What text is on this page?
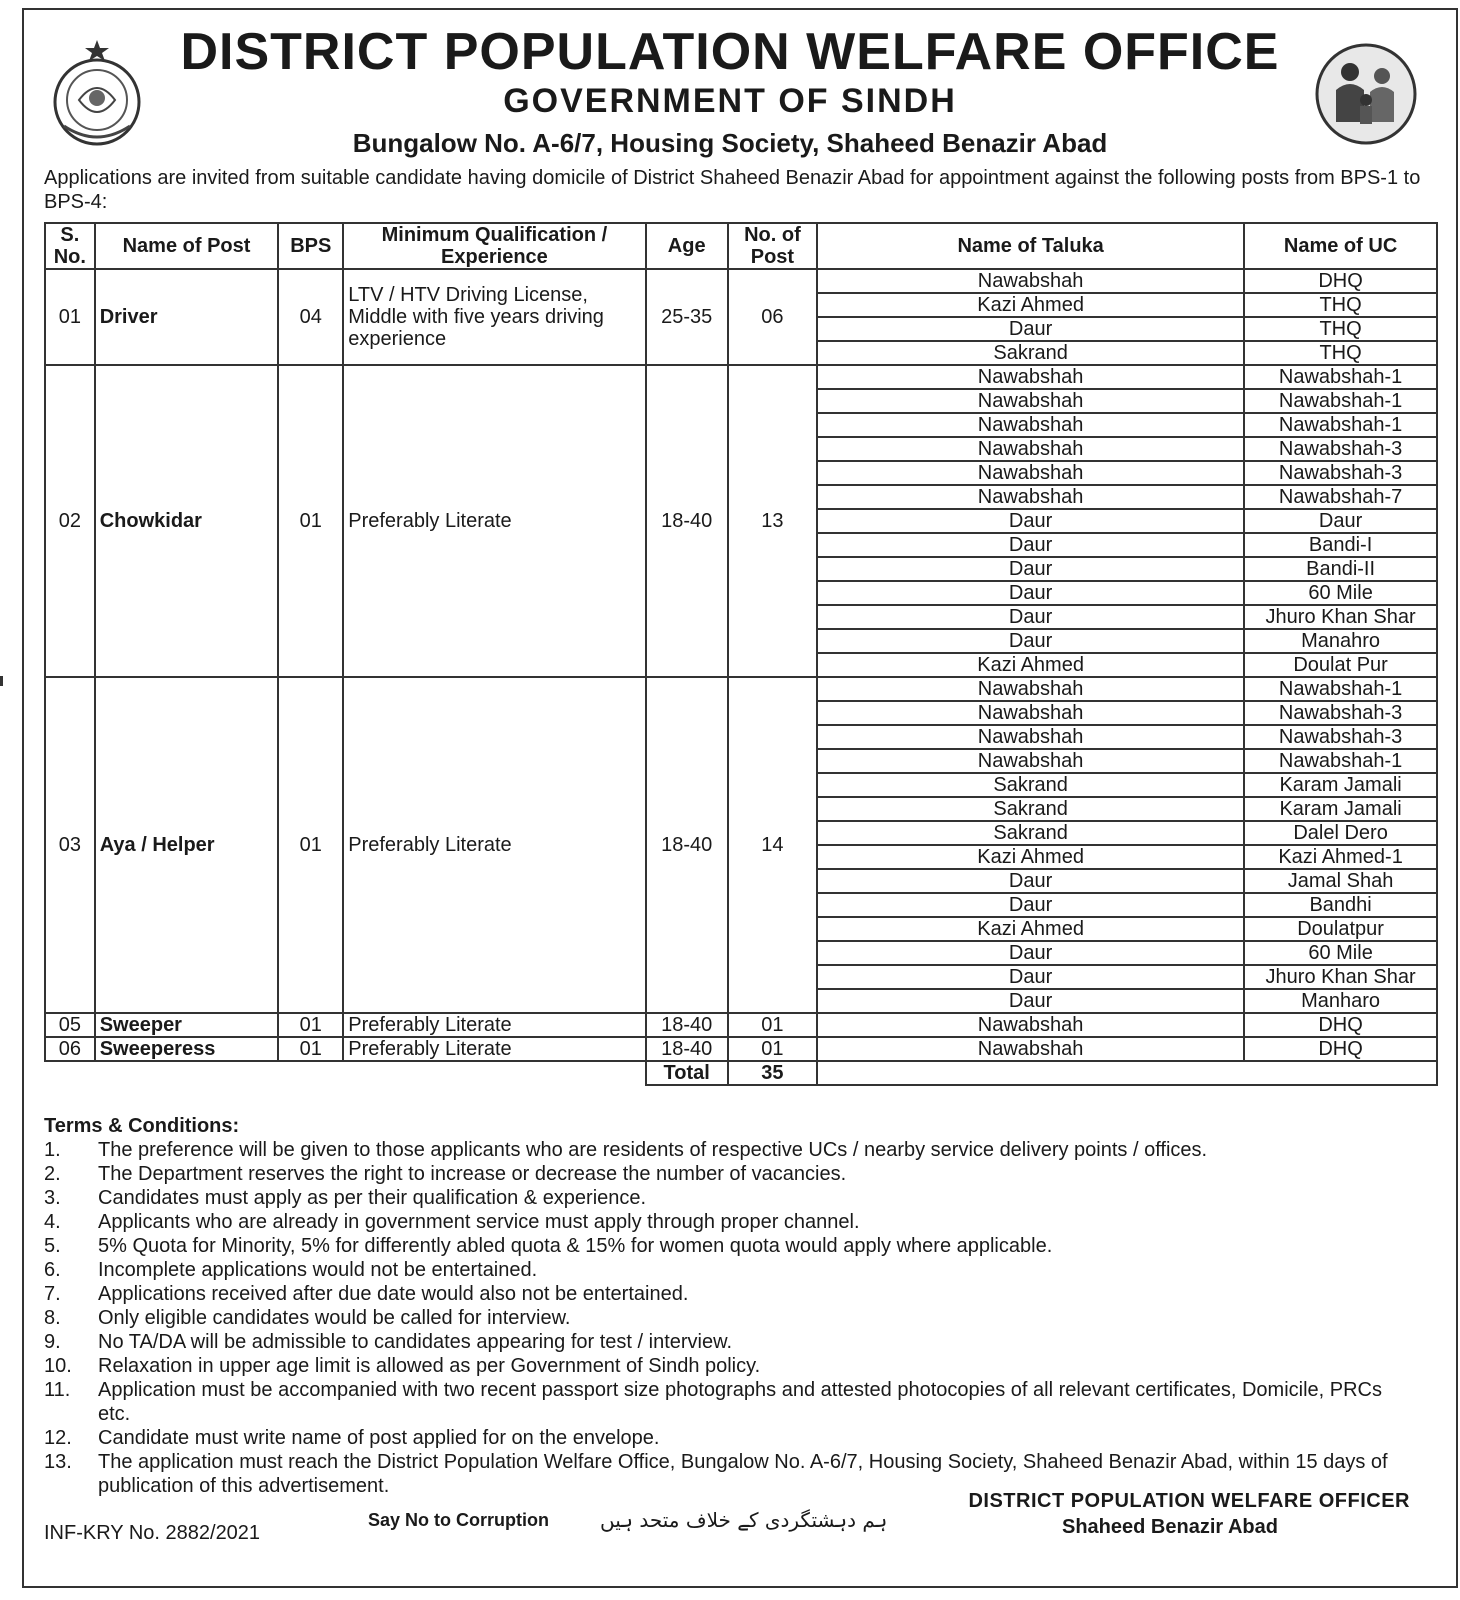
DISTRICT POPULATION WELFARE OFFICE
GOVERNMENT OF SINDH
Bungalow No. A-6/7, Housing Society, Shaheed Benazir Abad
Applications are invited from suitable candidate having domicile of District Shaheed Benazir Abad for appointment against the following posts from BPS-1 to BPS-4:
S.
No.	Name of Post	BPS	Minimum Qualification /
Experience	Age	No. of
Post	Name of Taluka	Name of UC
01	Driver	04	LTV / HTV Driving License,
Middle with five years driving
experience	25-35	06	Nawabshah	DHQ
						Kazi Ahmed	THQ
						Daur	THQ
						Sakrand	THQ
02	Chowkidar	01	Preferably Literate	18-40	13	Nawabshah	Nawabshah-1
						Nawabshah	Nawabshah-1
						Nawabshah	Nawabshah-1
						Nawabshah	Nawabshah-3
						Nawabshah	Nawabshah-3
						Nawabshah	Nawabshah-7
						Daur	Daur
						Daur	Bandi-I
						Daur	Bandi-II
						Daur	60 Mile
						Daur	Jhuro Khan Shar
						Daur	Manahro
						Kazi Ahmed	Doulat Pur
03	Aya / Helper	01	Preferably Literate	18-40	14	Nawabshah	Nawabshah-1
						Nawabshah	Nawabshah-3
						Nawabshah	Nawabshah-3
						Nawabshah	Nawabshah-1
						Sakrand	Karam Jamali
						Sakrand	Karam Jamali
						Sakrand	Dalel Dero
						Kazi Ahmed	Kazi Ahmed-1
						Daur	Jamal Shah
						Daur	Bandhi
						Kazi Ahmed	Doulatpur
						Daur	60 Mile
						Daur	Jhuro Khan Shar
						Daur	Manharo
05	Sweeper	01	Preferably Literate	18-40	01	Nawabshah	DHQ
06	Sweeperess	01	Preferably Literate	18-40	01	Nawabshah	DHQ
				Total	35		
Terms & Conditions:
1. The preference will be given to those applicants who are residents of respective UCs / nearby service delivery points / offices.
2. The Department reserves the right to increase or decrease the number of vacancies.
3. Candidates must apply as per their qualification & experience.
4. Applicants who are already in government service must apply through proper channel.
5. 5% Quota for Minority, 5% for differently abled quota & 15% for women quota would apply where applicable.
6. Incomplete applications would not be entertained.
7. Applications received after due date would also not be entertained.
8. Only eligible candidates would be called for interview.
9. No TA/DA will be admissible to candidates appearing for test / interview.
10. Relaxation in upper age limit is allowed as per Government of Sindh policy.
11. Application must be accompanied with two recent passport size photographs and attested photocopies of all relevant certificates, Domicile, PRCs etc.
12. Candidate must write name of post applied for on the envelope.
13. The application must reach the District Population Welfare Office, Bungalow No. A-6/7, Housing Society, Shaheed Benazir Abad, within 15 days of publication of this advertisement.
DISTRICT POPULATION WELFARE OFFICER
Shaheed Benazir Abad
INF-KRY No. 2882/2021
Say No to Corruption	ہم دہشتگردی کے خلاف متحد ہیں
